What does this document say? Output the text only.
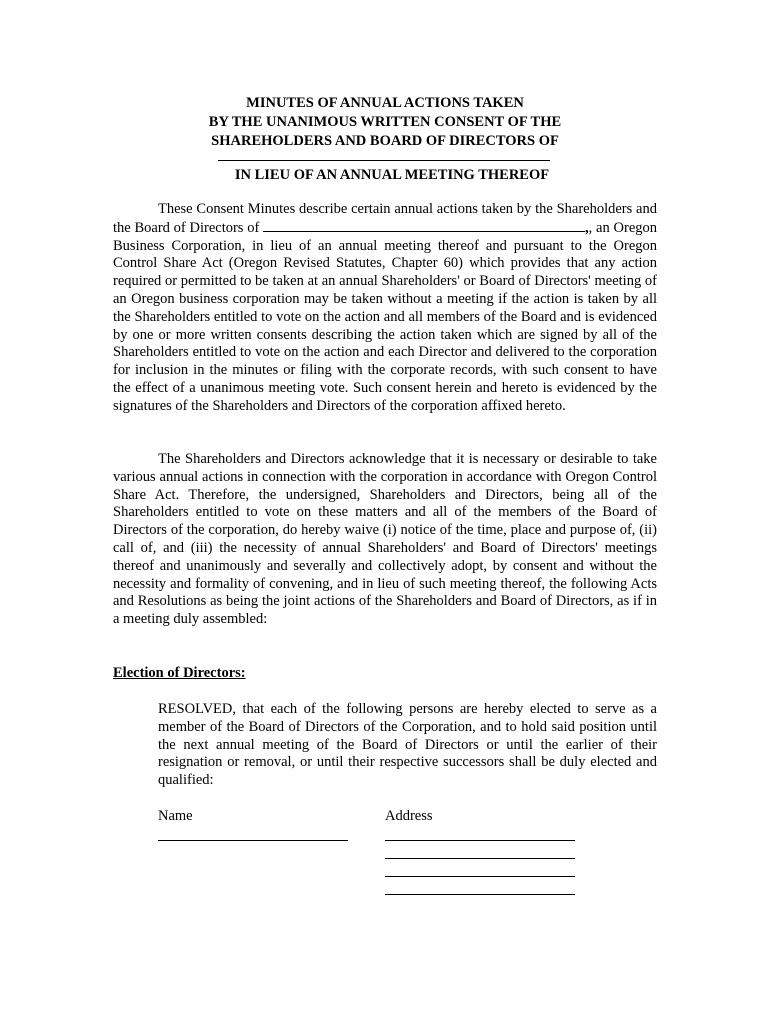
MINUTES OF ANNUAL ACTIONS TAKEN
BY THE UNANIMOUS WRITTEN CONSENT OF THE
SHAREHOLDERS AND BOARD OF DIRECTORS OF
IN LIEU OF AN ANNUAL MEETING THEREOF

These Consent Minutes describe certain annual actions taken by the Shareholders and the Board of Directors of	,, an Oregon Business Corporation, in lieu of an annual meeting thereof and pursuant to the Oregon Control Share Act (Oregon Revised Statutes, Chapter 60) which provides that any action required or permitted to be taken at an annual Shareholders' or Board of Directors' meeting of an Oregon business corporation may be taken without a meeting if the action is taken by all the Shareholders entitled to vote on the action and all members of the Board and is evidenced by one or more written consents describing the action taken which are signed by all of the Shareholders entitled to vote on the action and each Director and delivered to the corporation for inclusion in the minutes or filing with the corporate records, with such consent to have the effect of a unanimous meeting vote. Such consent herein and hereto is evidenced by the signatures of the Shareholders and Directors of the corporation affixed hereto.

The Shareholders and Directors acknowledge that it is necessary or desirable to take various annual actions in connection with the corporation in accordance with Oregon Control Share Act. Therefore, the undersigned, Shareholders and Directors, being all of the Shareholders entitled to vote on these matters and all of the members of the Board of Directors of the corporation, do hereby waive (i) notice of the time, place and purpose of, (ii) call of, and (iii) the necessity of annual Shareholders' and Board of Directors' meetings thereof and unanimously and severally and collectively adopt, by consent and without the necessity and formality of convening, and in lieu of such meeting thereof, the following Acts and Resolutions as being the joint actions of the Shareholders and Board of Directors, as if in a meeting duly assembled:

Election of Directors:

RESOLVED, that each of the following persons are hereby elected to serve as a member of the Board of Directors of the Corporation, and to hold said position until the next annual meeting of the Board of Directors or until the earlier of their resignation or removal, or until their respective successors shall be duly elected and qualified:

Name	Address
